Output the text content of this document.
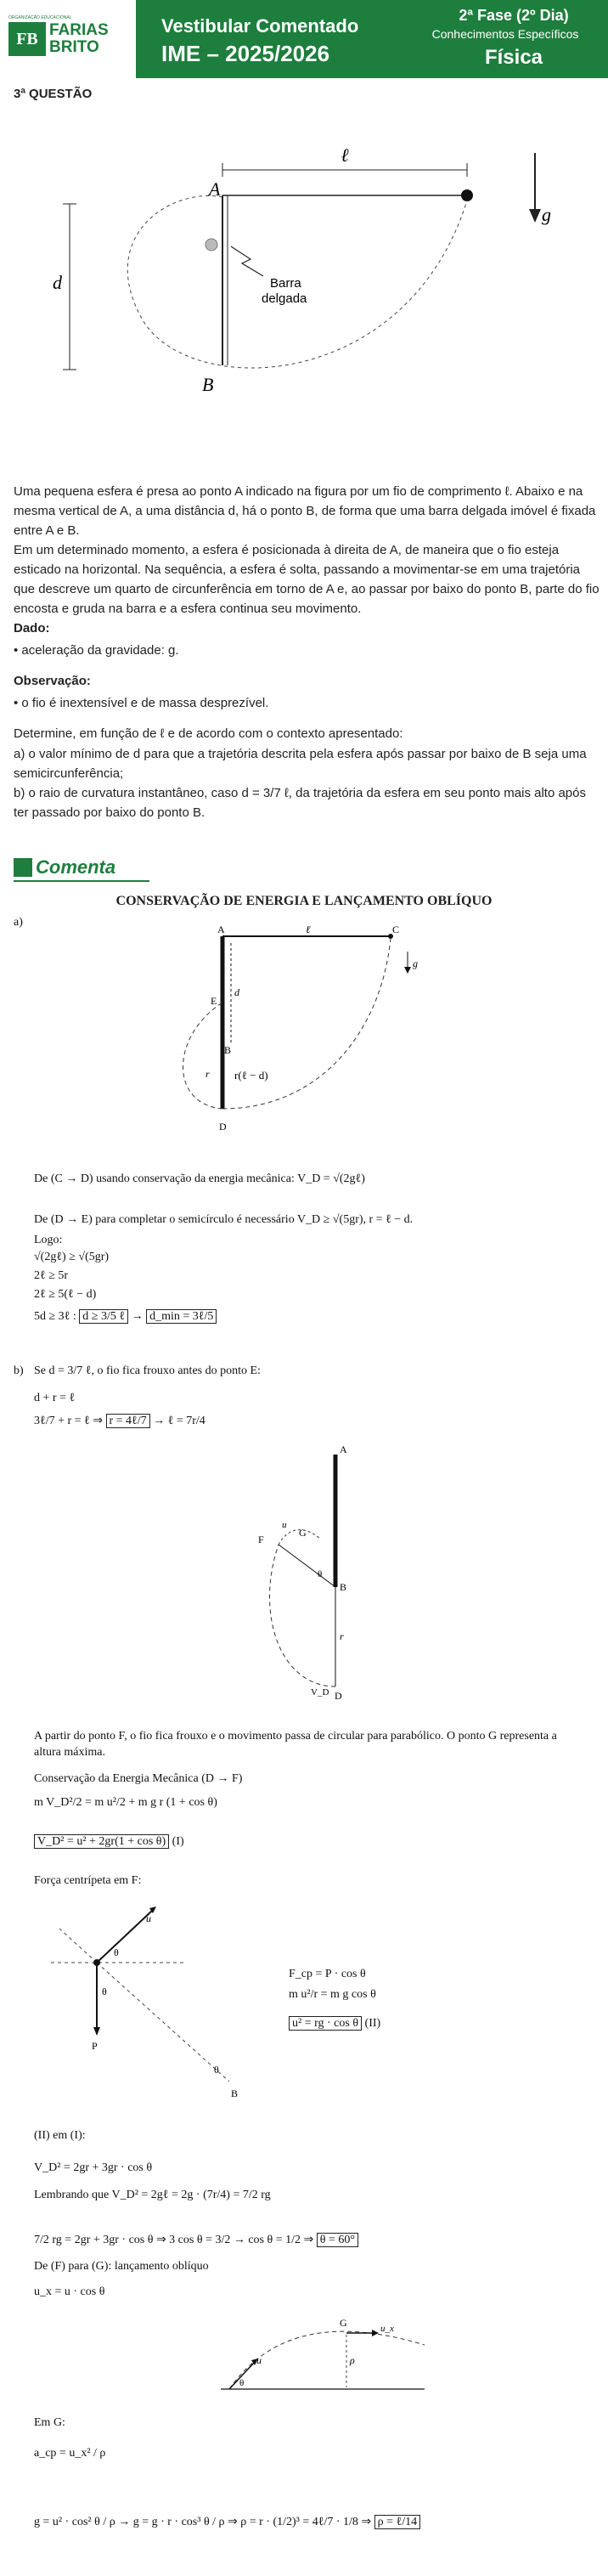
ORGANIZAÇÃO EDUCACIONAL
FB FARIAS
BRITO
Vestibular Comentado
IME – 2025/2026
2ª Fase (2º Dia)
Conhecimentos Específicos
Física
3ª QUESTÃO
ℓ
A
B
d
g
Barra
delgada
Uma pequena esfera é presa ao ponto A indicado na figura por um fio de comprimento ℓ. Abaixo e na mesma vertical de A, a uma distância d, há o ponto B, de forma que uma barra delgada imóvel é fixada entre A e B.
Em um determinado momento, a esfera é posicionada à direita de A, de maneira que o fio esteja esticado na horizontal. Na sequência, a esfera é solta, passando a movimentar-se em uma trajetória que descreve um quarto de circunferência em torno de A e, ao passar por baixo do ponto B, parte do fio encosta e gruda na barra e a esfera continua seu movimento.
Dado:
• aceleração da gravidade: g.
Observação:
• o fio é inextensível e de massa desprezível.
Determine, em função de ℓ e de acordo com o contexto apresentado:
a) o valor mínimo de d para que a trajetória descrita pela esfera após passar por baixo de B seja uma semicircunferência;
b) o raio de curvatura instantâneo, caso d = 3/7 ℓ, da trajetória da esfera em seu ponto mais alto após ter passado por baixo do ponto B.
Comenta
CONSERVAÇÃO DE ENERGIA E LANÇAMENTO OBLÍQUO
a)
A	C
ℓ
E
B
D
d
r(ℓ − d)
r
g
De (C → D) usando conservação da energia mecânica: V_D = √(2gℓ)
De (D → E) para completar o semicírculo é necessário V_D ≥ √(5gr), r = ℓ − d.
Logo:
√(2gℓ) ≥ √(5gr)
2ℓ ≥ 5r
2ℓ ≥ 5(ℓ − d)
5d ≥ 3ℓ : d ≥ 3/5 ℓ → d_min = 3ℓ/5
b) Se d = 3/7 ℓ, o fio fica frouxo antes do ponto E:
d + r = ℓ
3ℓ/7 + r = ℓ ⇒ r = 4ℓ/7 → ℓ = 7r/4
A
B
D
r
F
G
u
θ
V_D
A partir do ponto F, o fio fica frouxo e o movimento passa de circular para parabólico. O ponto G representa a altura máxima.
Conservação da Energia Mecânica (D → F)
m V_D²/2 = m u²/2 + m g r (1 + cos θ)
V_D² = u² + 2gr(1 + cos θ) (I)
Força centrípeta em F:
u
P
θ
θ
θ
B
F_cp = P · cos θ
m u²/r = m g cos θ
u² = rg · cos θ (II)
(II) em (I):
V_D² = 2gr + 3gr · cos θ
Lembrando que V_D² = 2gℓ = 2g · (7r/4) = 7/2 rg
7/2 rg = 2gr + 3gr · cos θ ⇒ 3 cos θ = 3/2 → cos θ = 1/2 ⇒ θ = 60°
De (F) para (G): lançamento oblíquo
u_x = u · cos θ
u
θ
G	u_x
ρ
Em G:
a_cp = u_x² / ρ
g = u² · cos² θ / ρ → g = g · r · cos³ θ / ρ ⇒ ρ = r · (1/2)³ = 4ℓ/7 · 1/8 ⇒ ρ = ℓ/14
